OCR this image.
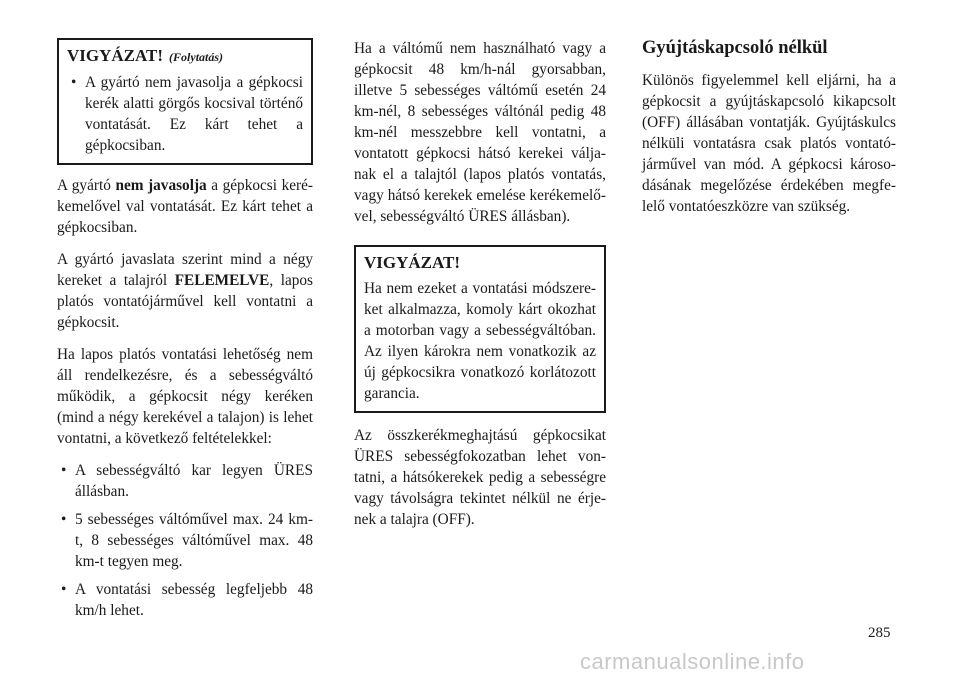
VIGYÁZAT! (Folytatás)
• A gyártó nem javasolja a gépkocsi kerék alatti görgős kocsival történő vontatását. Ez kárt tehet a gépkocsiban.

A gyártó nem javasolja a gépkocsi kerékemelővel val vontatását. Ez kárt tehet a gépkocsiban.

A gyártó javaslata szerint mind a négy kereket a talajról FELEMELVE, lapos platós vontatójárművel kell vontatni a gépkocsit.

Ha lapos platós vontatási lehetőség nem áll rendelkezésre, és a sebességváltó működik, a gépkocsit négy keréken (mind a négy kerekével a talajon) is lehet vontatni, a következő feltételekkel:

• A sebességváltó kar legyen ÜRES állásban.
• 5 sebességes váltóművel max. 24 km-t, 8 sebességes váltóművel max. 48 km-t tegyen meg.
• A vontatási sebesség legfeljebb 48 km/h lehet.

Ha a váltómű nem használható vagy a gépkocsit 48 km/h-nál gyorsabban, illetve 5 sebességes váltómű esetén 24 km-nél, 8 sebességes váltónál pedig 48 km-nél messzebbre kell vontatni, a vontatott gépkocsi hátsó kerekei váljanak el a talajtól (lapos platós vontatás, vagy hátsó kerekek emelése kerékemelővel, sebességváltó ÜRES állásban).

VIGYÁZAT!
Ha nem ezeket a vontatási módszereket alkalmazza, komoly kárt okozhat a motorban vagy a sebességváltóban. Az ilyen károkra nem vonatkozik az új gépkocsikra vonatkozó korlátozott garancia.

Az összkerékmeghajtású gépkocsikat ÜRES sebességfokozatban lehet vontatni, a hátsókerekek pedig a sebességre vagy távolságra tekintet nélkül ne érjenek a talajra (OFF).

Gyújtáskapcsoló nélkül

Különös figyelemmel kell eljárni, ha a gépkocsit a gyújtáskapcsoló kikapcsolt (OFF) állásában vontatják. Gyújtáskulcs nélküli vontatásra csak platós vontatójárművel van mód. A gépkocsi károsodásának megelőzése érdekében megfelelő vontatóeszközre van szükség.

285
carmanualsonline.info
